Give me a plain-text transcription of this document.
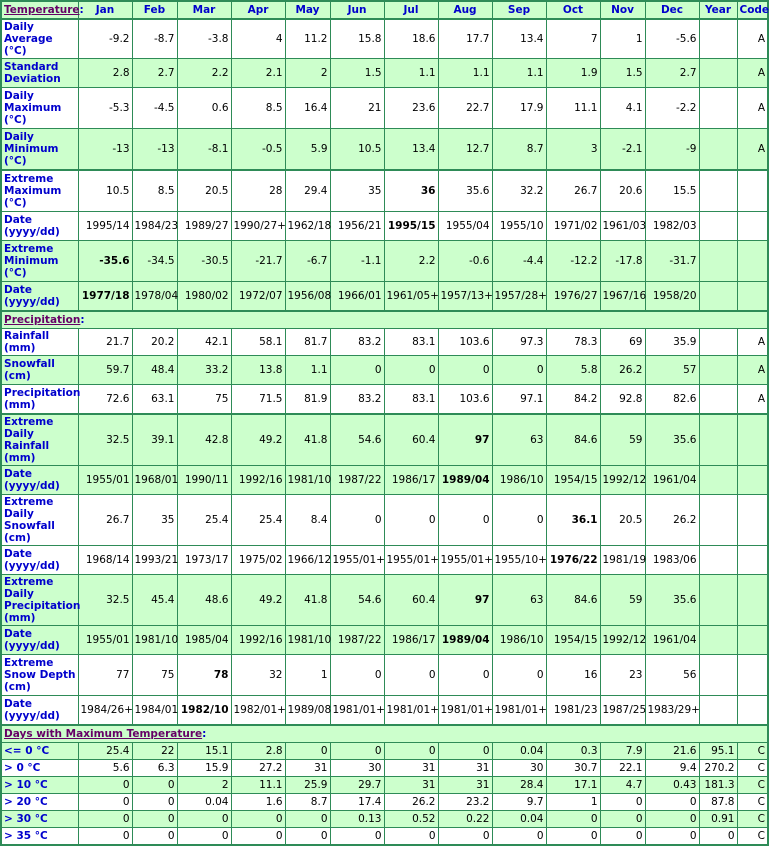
Temperature:	Jan	Feb	Mar	Apr	May	Jun	Jul	Aug	Sep	Oct	Nov	Dec	Year	Code
Daily Average (°C)	-9.2	-8.7	-3.8	4	11.2	15.8	18.6	17.7	13.4	7	1	-5.6		A
Standard Deviation	2.8	2.7	2.2	2.1	2	1.5	1.1	1.1	1.1	1.9	1.5	2.7		A
Daily Maximum (°C)	-5.3	-4.5	0.6	8.5	16.4	21	23.6	22.7	17.9	11.1	4.1	-2.2		A
Daily Minimum (°C)	-13	-13	-8.1	-0.5	5.9	10.5	13.4	12.7	8.7	3	-2.1	-9		A
Extreme Maximum (°C)	10.5	8.5	20.5	28	29.4	35	36	35.6	32.2	26.7	20.6	15.5		
Date (yyyy/dd)	1995/14	1984/23	1989/27	1990/27+	1962/18	1956/21	1995/15	1955/04	1955/10	1971/02	1961/03	1982/03		
Extreme Minimum (°C)	-35.6	-34.5	-30.5	-21.7	-6.7	-1.1	2.2	-0.6	-4.4	-12.2	-17.8	-31.7		
Date (yyyy/dd)	1977/18	1978/04	1980/02	1972/07	1956/08	1966/01	1961/05+	1957/13+	1957/28+	1976/27	1967/16	1958/20		
Precipitation:														
Rainfall (mm)	21.7	20.2	42.1	58.1	81.7	83.2	83.1	103.6	97.3	78.3	69	35.9		A
Snowfall (cm)	59.7	48.4	33.2	13.8	1.1	0	0	0	0	5.8	26.2	57		A
Precipitation (mm)	72.6	63.1	75	71.5	81.9	83.2	83.1	103.6	97.1	84.2	92.8	82.6		A
Extreme Daily Rainfall (mm)	32.5	39.1	42.8	49.2	41.8	54.6	60.4	97	63	84.6	59	35.6		
Date (yyyy/dd)	1955/01	1968/01	1990/11	1992/16	1981/10	1987/22	1986/17	1989/04	1986/10	1954/15	1992/12	1961/04		
Extreme Daily Snowfall (cm)	26.7	35	25.4	25.4	8.4	0	0	0	0	36.1	20.5	26.2		
Date (yyyy/dd)	1968/14	1993/21	1973/17	1975/02	1966/12	1955/01+	1955/01+	1955/01+	1955/10+	1976/22	1981/19	1983/06		
Extreme Daily Precipitation (mm)	32.5	45.4	48.6	49.2	41.8	54.6	60.4	97	63	84.6	59	35.6		
Date (yyyy/dd)	1955/01	1981/10	1985/04	1992/16	1981/10	1987/22	1986/17	1989/04	1986/10	1954/15	1992/12	1961/04		
Extreme Snow Depth (cm)	77	75	78	32	1	0	0	0	0	16	23	56		
Date (yyyy/dd)	1984/26+	1984/01	1982/10	1982/01+	1989/08	1981/01+	1981/01+	1981/01+	1981/01+	1981/23	1987/25	1983/29+		
Days with Maximum Temperature:														
<= 0 °C	25.4	22	15.1	2.8	0	0	0	0	0.04	0.3	7.9	21.6	95.1	C
> 0 °C	5.6	6.3	15.9	27.2	31	30	31	31	30	30.7	22.1	9.4	270.2	C
> 10 °C	0	0	2	11.1	25.9	29.7	31	31	28.4	17.1	4.7	0.43	181.3	C
> 20 °C	0	0	0.04	1.6	8.7	17.4	26.2	23.2	9.7	1	0	0	87.8	C
> 30 °C	0	0	0	0	0	0.13	0.52	0.22	0.04	0	0	0	0.91	C
> 35 °C	0	0	0	0	0	0	0	0	0	0	0	0	0	C
